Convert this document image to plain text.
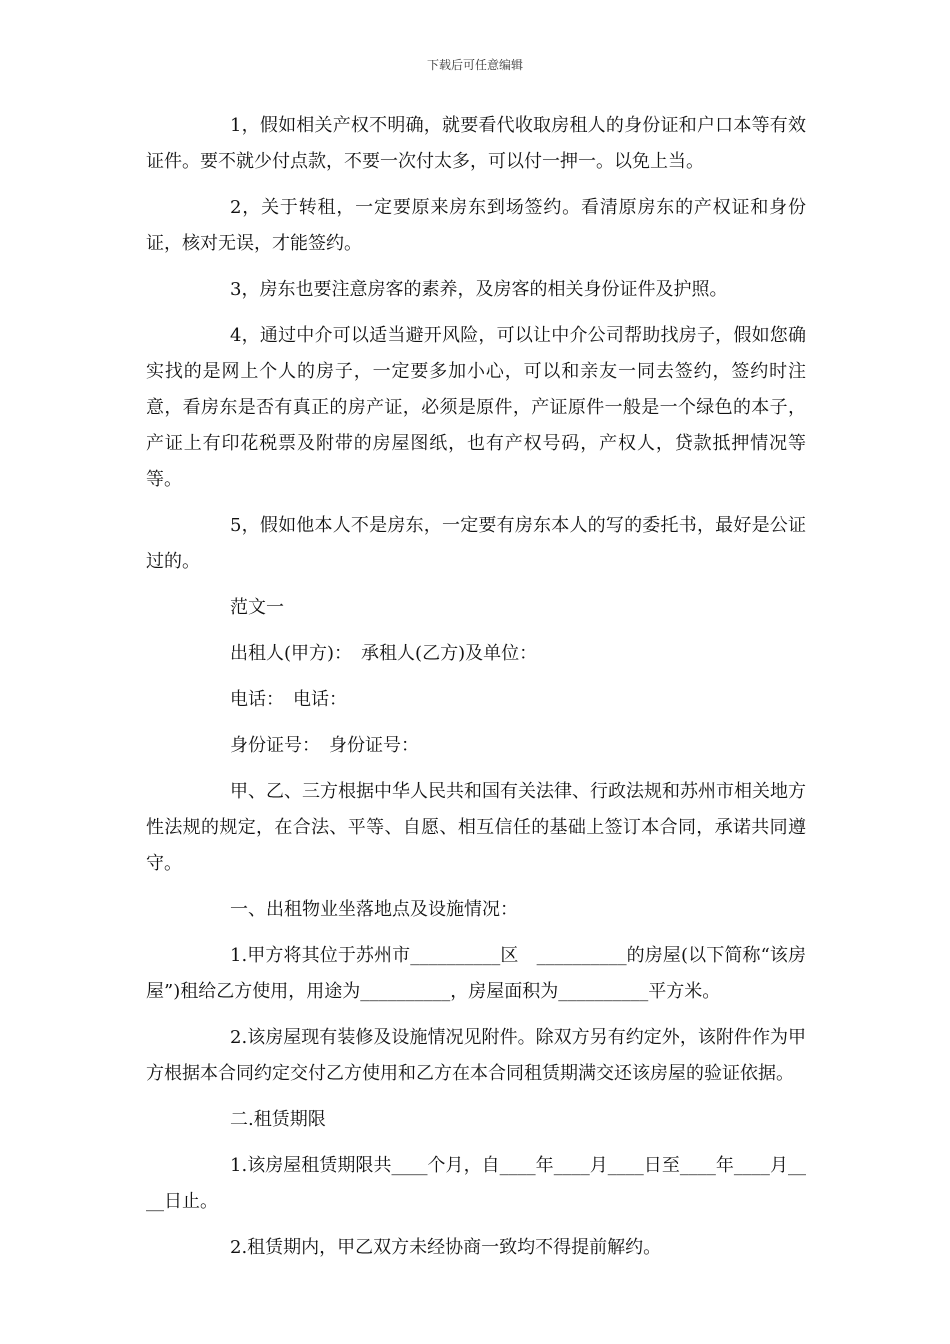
下载后可任意编辑

1，假如相关产权不明确，就要看代收取房租人的身份证和户口本等有效证件。要不就少付点款，不要一次付太多，可以付一押一。以免上当。

2，关于转租，一定要原来房东到场签约。看清原房东的产权证和身份证，核对无误，才能签约。

3，房东也要注意房客的素养，及房客的相关身份证件及护照。

4，通过中介可以适当避开风险，可以让中介公司帮助找房子，假如您确实找的是网上个人的房子，一定要多加小心，可以和亲友一同去签约，签约时注意，看房东是否有真正的房产证，必须是原件，产证原件一般是一个绿色的本子，产证上有印花税票及附带的房屋图纸，也有产权号码，产权人，贷款抵押情况等等。

5，假如他本人不是房东，一定要有房东本人的写的委托书，最好是公证过的。

范文一

出租人(甲方)：　承租人(乙方)及单位：

电话：　电话：

身份证号：　身份证号：

甲、乙、三方根据中华人民共和国有关法律、行政法规和苏州市相关地方性法规的规定，在合法、平等、自愿、相互信任的基础上签订本合同，承诺共同遵守。

一、出租物业坐落地点及设施情况：

1.甲方将其位于苏州市__________区　__________的房屋(以下简称“该房屋”)租给乙方使用，用途为__________，房屋面积为__________平方米。

2.该房屋现有装修及设施情况见附件。除双方另有约定外，该附件作为甲方根据本合同约定交付乙方使用和乙方在本合同租赁期满交还该房屋的验证依据。

二.租赁期限

1.该房屋租赁期限共____个月，自____年____月____日至____年____月____日止。

2.租赁期内，甲乙双方未经协商一致均不得提前解约。
